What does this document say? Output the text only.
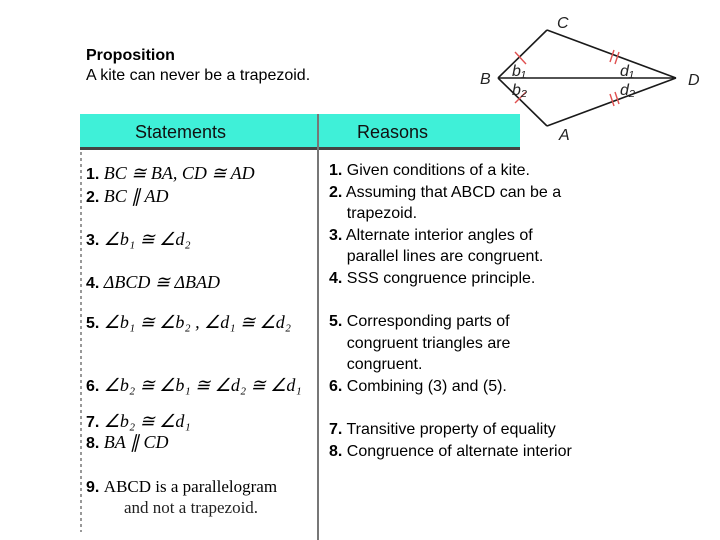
Proposition
A kite can never be a trapezoid.
Statements	Reasons
1. BC ≅ BA, CD ≅ AD
2. BC ∥ AD
3. ∠b₁ ≅ ∠d₂
4. ΔBCD ≅ ΔBAD
5. ∠b₁ ≅ ∠b₂ , ∠d₁ ≅ ∠d₂
6. ∠b₂ ≅ ∠b₁ ≅ ∠d₂ ≅ ∠d₁
7. ∠b₂ ≅ ∠d₁
8. BA ∥ CD
9. ABCD is a parallelogram
and not a trapezoid.
1. Given conditions of a kite.
2. Assuming that ABCD can be a
trapezoid.
3. Alternate interior angles of
parallel lines are congruent.
4. SSS congruence principle.
5. Corresponding parts of
congruent triangles are
congruent.
6. Combining (3) and (5).
7. Transitive property of equality
8. Congruence of alternate interior
B
C
D
A
b₁
b₂
d₁
d₂
